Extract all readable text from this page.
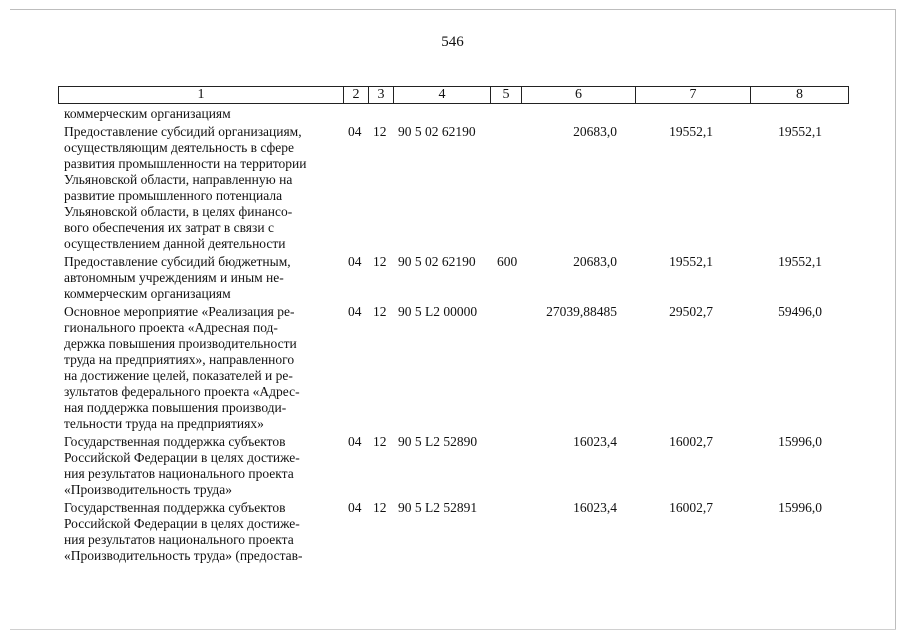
546
1	2	3	4	5	6	7	8
коммерческим организациям
Предоставление субсидий организациям,
осуществляющим деятельность в сфере
развития промышленности на территории
Ульяновской области, направленную на
развитие промышленного потенциала
Ульяновской области, в целях финансо-
вого обеспечения их затрат в связи с
осуществлением данной деятельности
04 12 90 5 02 62190	20683,0	19552,1	19552,1
Предоставление субсидий бюджетным,
автономным учреждениям и иным не-
коммерческим организациям
04 12 90 5 02 62190 600	20683,0	19552,1	19552,1
Основное мероприятие «Реализация ре-
гионального проекта «Адресная под-
держка повышения производительности
труда на предприятиях», направленного
на достижение целей, показателей и ре-
зультатов федерального проекта «Адрес-
ная поддержка повышения производи-
тельности труда на предприятиях»
04 12 90 5 L2 00000	27039,88485	29502,7	59496,0
Государственная поддержка субъектов
Российской Федерации в целях достиже-
ния результатов национального проекта
«Производительность труда»
04 12 90 5 L2 52890	16023,4	16002,7	15996,0
Государственная поддержка субъектов
Российской Федерации в целях достиже-
ния результатов национального проекта
«Производительность труда» (предостав-
04 12 90 5 L2 52891	16023,4	16002,7	15996,0
